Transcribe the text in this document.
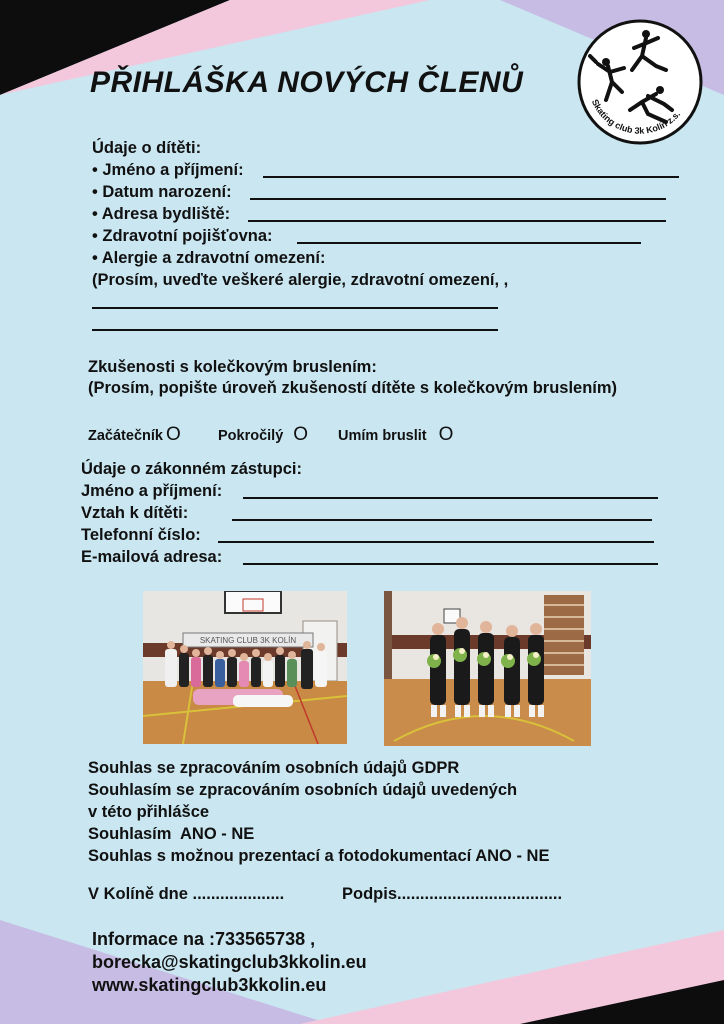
Skating club 3k Kolín z.s.
PŘIHLÁŠKA NOVÝCH ČLENŮ
Údaje o dítěti:
• Jméno a příjmení:
• Datum narození:
• Adresa bydliště:
• Zdravotní pojišťovna:
• Alergie a zdravotní omezení:
(Prosím, uveďte veškeré alergie, zdravotní omezení, ,
Zkušenosti s kolečkovým bruslením:
(Prosím, popište úroveň zkušeností dítěte s kolečkovým bruslením)
Začátečník O	Pokročilý O Umím bruslit O
Údaje o zákonném zástupci:
Jméno a příjmení:
Vztah k dítěti:
Telefonní číslo:
E-mailová adresa:
SKATING CLUB 3K KOLÍN
Souhlas se zpracováním osobních údajů GDPR
Souhlasím se zpracováním osobních údajů uvedených
v této přihlášce
Souhlasím  ANO - NE
Souhlas s možnou prezentací a fotodokumentací ANO - NE
V Kolíně dne ....................	Podpis....................................
Informace na :733565738 ,
borecka@skatingclub3kkolin.eu
www.skatingclub3kkolin.eu
